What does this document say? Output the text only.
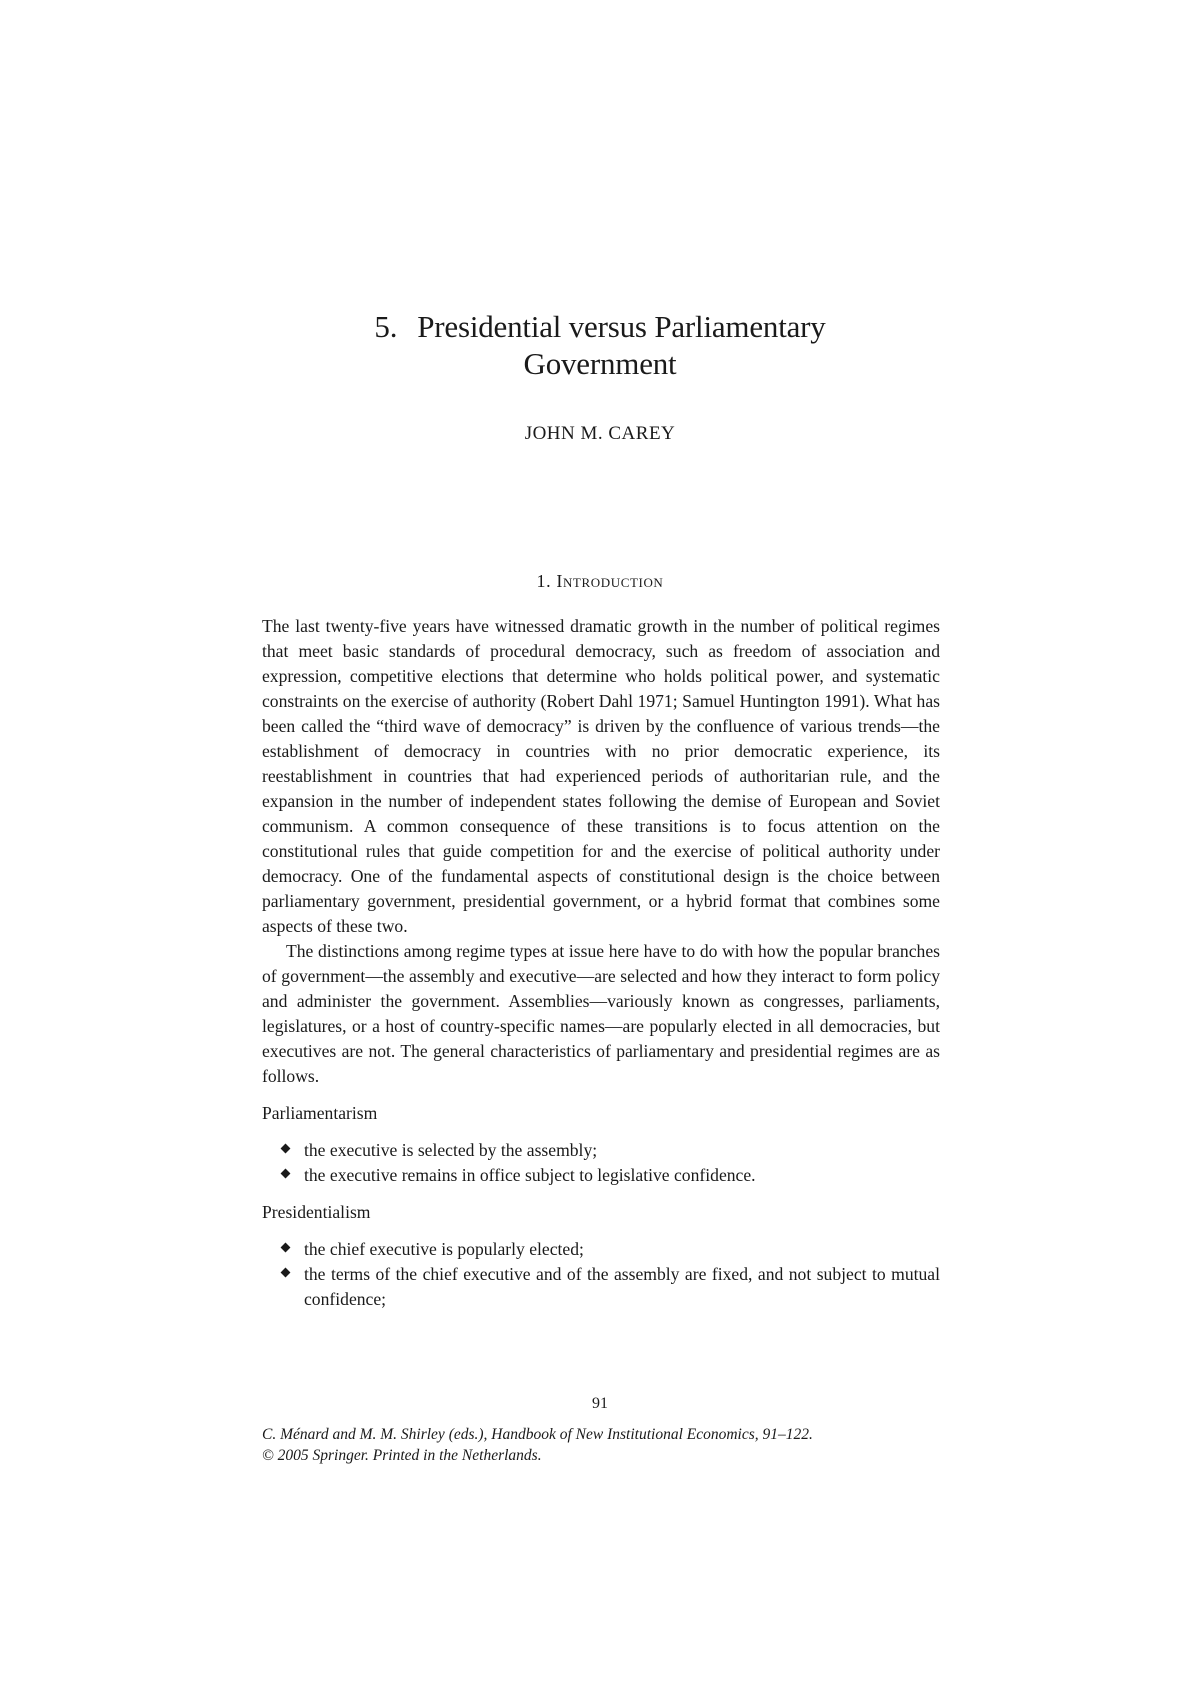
5. Presidential versus Parliamentary
Government
JOHN M. CAREY
1. Introduction

The last twenty-five years have witnessed dramatic growth in the number of political regimes that meet basic standards of procedural democracy, such as freedom of association and expression, competitive elections that determine who holds political power, and systematic constraints on the exercise of authority (Robert Dahl 1971; Samuel Huntington 1991). What has been called the “third wave of democracy” is driven by the confluence of various trends—the establishment of democracy in countries with no prior democratic experience, its reestablishment in countries that had experienced periods of authoritarian rule, and the expansion in the number of independent states following the demise of European and Soviet communism. A common consequence of these transitions is to focus attention on the constitutional rules that guide competition for and the exercise of political authority under democracy. One of the fundamental aspects of constitutional design is the choice between parliamentary government, presidential government, or a hybrid format that combines some aspects of these two.

The distinctions among regime types at issue here have to do with how the popular branches of government—the assembly and executive—are selected and how they interact to form policy and administer the government. Assemblies—variously known as congresses, parliaments, legislatures, or a host of country-specific names—are popularly elected in all democracies, but executives are not. The general characteristics of parliamentary and presidential regimes are as follows.

Parliamentarism
the executive is selected by the assembly;
the executive remains in office subject to legislative confidence.
Presidentialism
the chief executive is popularly elected;
the terms of the chief executive and of the assembly are fixed, and not subject to mutual confidence;
91
C. Ménard and M. M. Shirley (eds.), Handbook of New Institutional Economics, 91–122.
© 2005 Springer. Printed in the Netherlands.
